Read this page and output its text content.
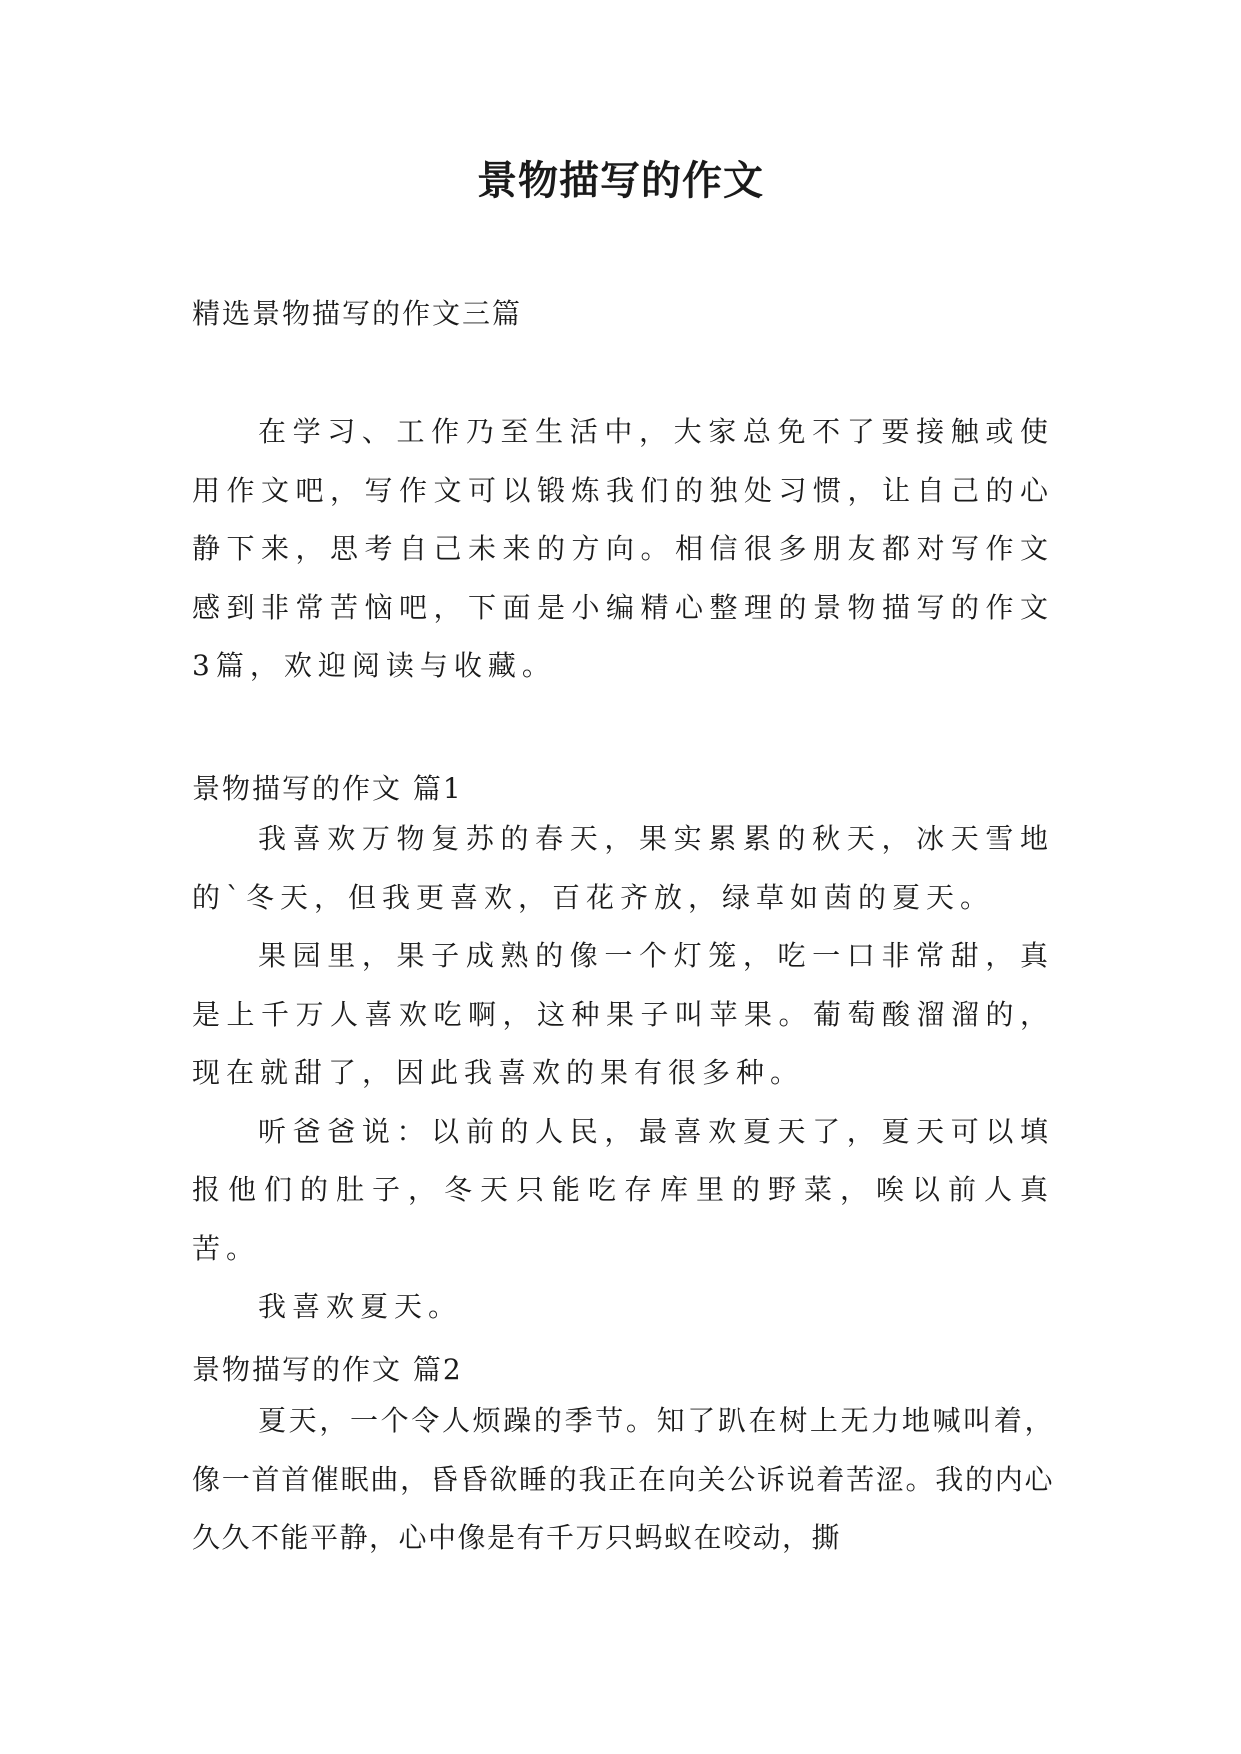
景物描写的作文

精选景物描写的作文三篇

在学习、工作乃至生活中，大家总免不了要接触或使用作文吧，写作文可以锻炼我们的独处习惯，让自己的心静下来，思考自己未来的方向。相信很多朋友都对写作文感到非常苦恼吧，下面是小编精心整理的景物描写的作文3篇，欢迎阅读与收藏。

景物描写的作文 篇1

我喜欢万物复苏的春天，果实累累的秋天，冰天雪地的`冬天，但我更喜欢，百花齐放，绿草如茵的夏天。

果园里，果子成熟的像一个灯笼，吃一口非常甜，真是上千万人喜欢吃啊，这种果子叫苹果。葡萄酸溜溜的，现在就甜了，因此我喜欢的果有很多种。

听爸爸说：以前的人民，最喜欢夏天了，夏天可以填报他们的肚子，冬天只能吃存库里的野菜，唉以前人真苦。

我喜欢夏天。

景物描写的作文 篇2

夏天，一个令人烦躁的季节。知了趴在树上无力地喊叫着，像一首首催眠曲，昏昏欲睡的我正在向关公诉说着苦涩。我的内心久久不能平静，心中像是有千万只蚂蚁在咬动，撕
